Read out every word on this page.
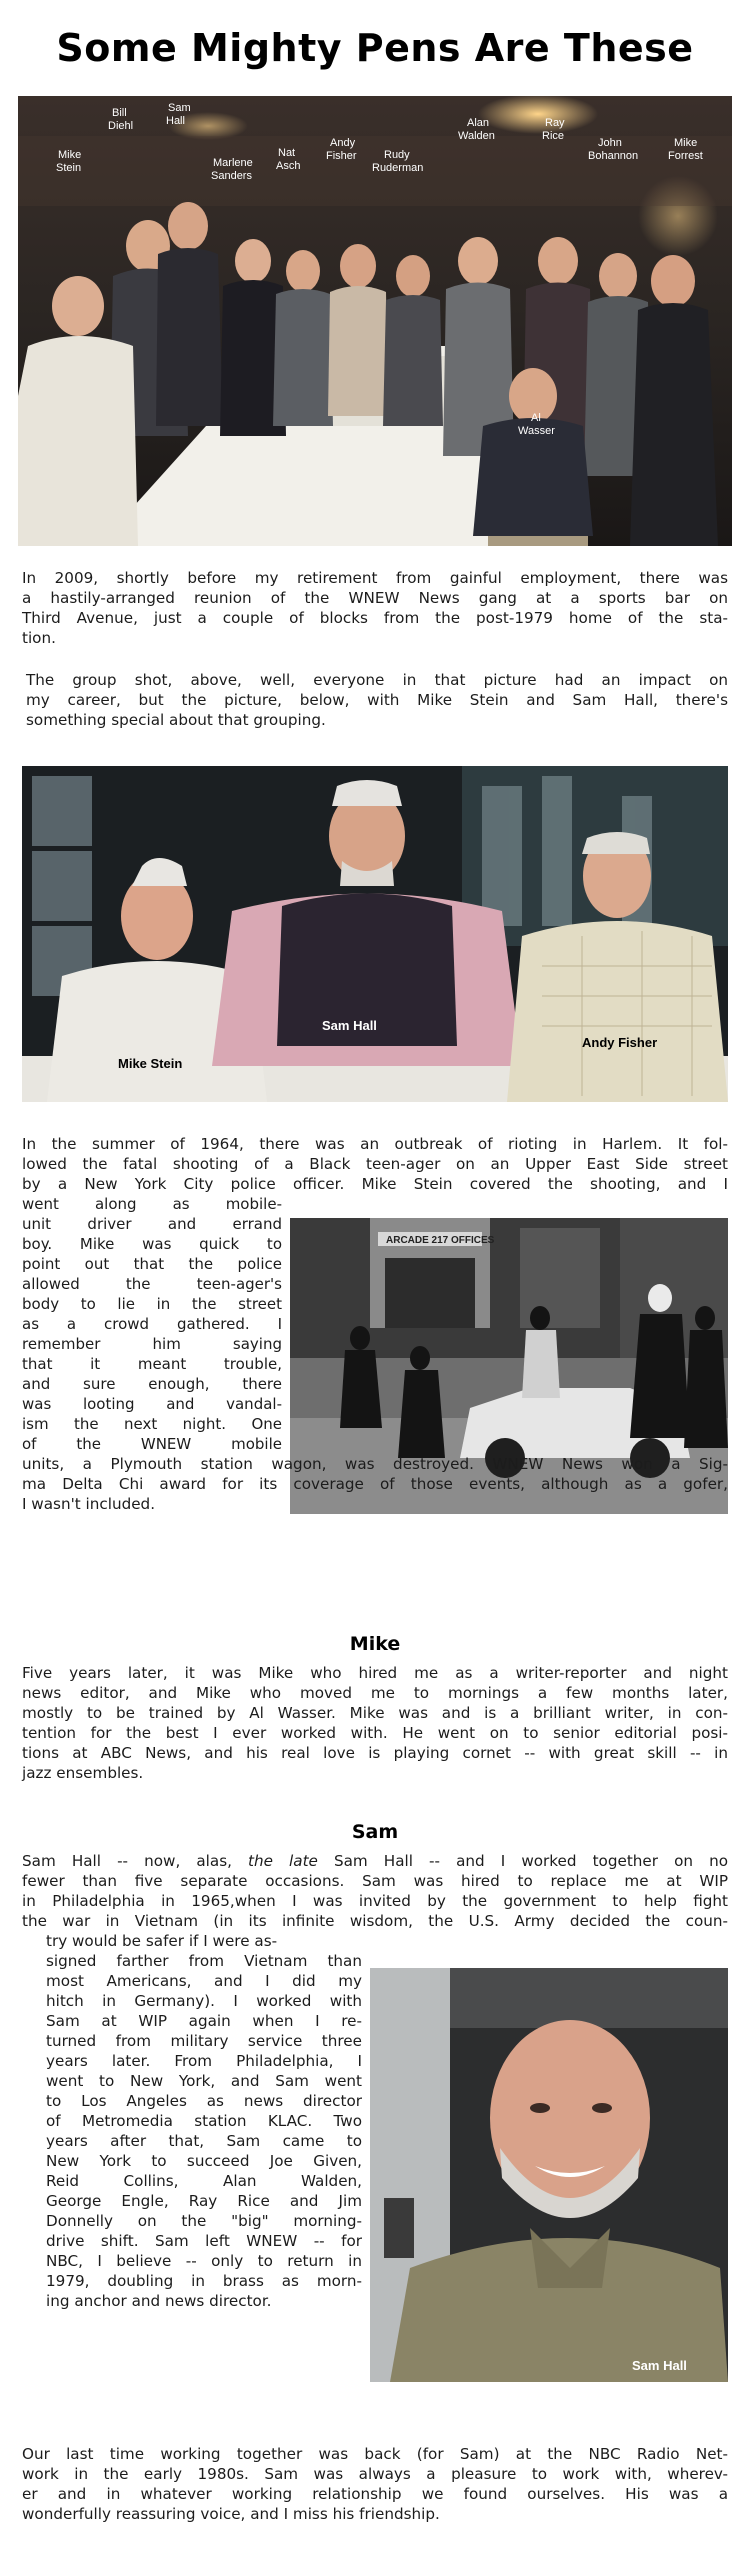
Some Mighty Pens Are These
Mike Stein
Bill Diehl
Sam Hall
Marlene Sanders
Nat Asch
Andy Fisher	Rudy Ruderman
Alan Walden
Ray Rice
John Bohannon
Mike Forrest
Al Wasser
In 2009, shortly before my retirement from gainful employment, there was
a hastily-arranged reunion of the WNEW News gang at a sports bar on
Third Avenue, just a couple of blocks from the post-1979 home of the sta-
tion.
The group shot, above, well, everyone in that picture had an impact on
my career, but the picture, below, with Mike Stein and Sam Hall, there's
something special about that grouping.
Mike Stein
Sam Hall
Andy Fisher
In the summer of 1964, there was an outbreak of rioting in Harlem. It fol-
lowed the fatal shooting of a Black teen-ager on an Upper East Side street
by a New York City police officer. Mike Stein covered the shooting, and I
went along as mobile-
unit driver and errand
boy. Mike was quick to
point out that the police
allowed the teen-ager's
body to lie in the street
as a crowd gathered. I
remember him saying
that it meant trouble,
and sure enough, there
was looting and vandal-
ism the next night. One
of the WNEW mobile
ARCADE 217 OFFICES
units, a Plymouth station wagon, was destroyed. WNEW News won a Sig-
ma Delta Chi award for its coverage of those events, although as a gofer,
I wasn't included.
Mike
Five years later, it was Mike who hired me as a writer-reporter and night
news editor, and Mike who moved me to mornings a few months later,
mostly to be trained by Al Wasser. Mike was and is a brilliant writer, in con-
tention for the best I ever worked with. He went on to senior editorial posi-
tions at ABC News, and his real love is playing cornet -- with great skill -- in
jazz ensembles.
Sam
Sam Hall -- now, alas, the late Sam Hall -- and I worked together on no
fewer than five separate occasions. Sam was hired to replace me at WIP
in Philadelphia in 1965,when I was invited by the government to help fight
the war in Vietnam (in its infinite wisdom, the U.S. Army decided the coun-
try would be safer if I were as-
signed farther from Vietnam than
most Americans, and I did my
hitch in Germany). I worked with
Sam at WIP again when I re-
turned from military service three
years later. From Philadelphia, I
went to New York, and Sam went
to Los Angeles as news director
of Metromedia station KLAC. Two
years after that, Sam came to
New York to succeed Joe Given,
Reid Collins, Alan Walden,
George Engle, Ray Rice and Jim
Donnelly on the "big" morning-
drive shift. Sam left WNEW -- for
NBC, I believe -- only to return in
1979, doubling in brass as morn-
ing anchor and news director.
Sam Hall
Our last time working together was back (for Sam) at the NBC Radio Net-
work in the early 1980s. Sam was always a pleasure to work with, wherev-
er and in whatever working relationship we found ourselves. His was a
wonderfully reassuring voice, and I miss his friendship.
